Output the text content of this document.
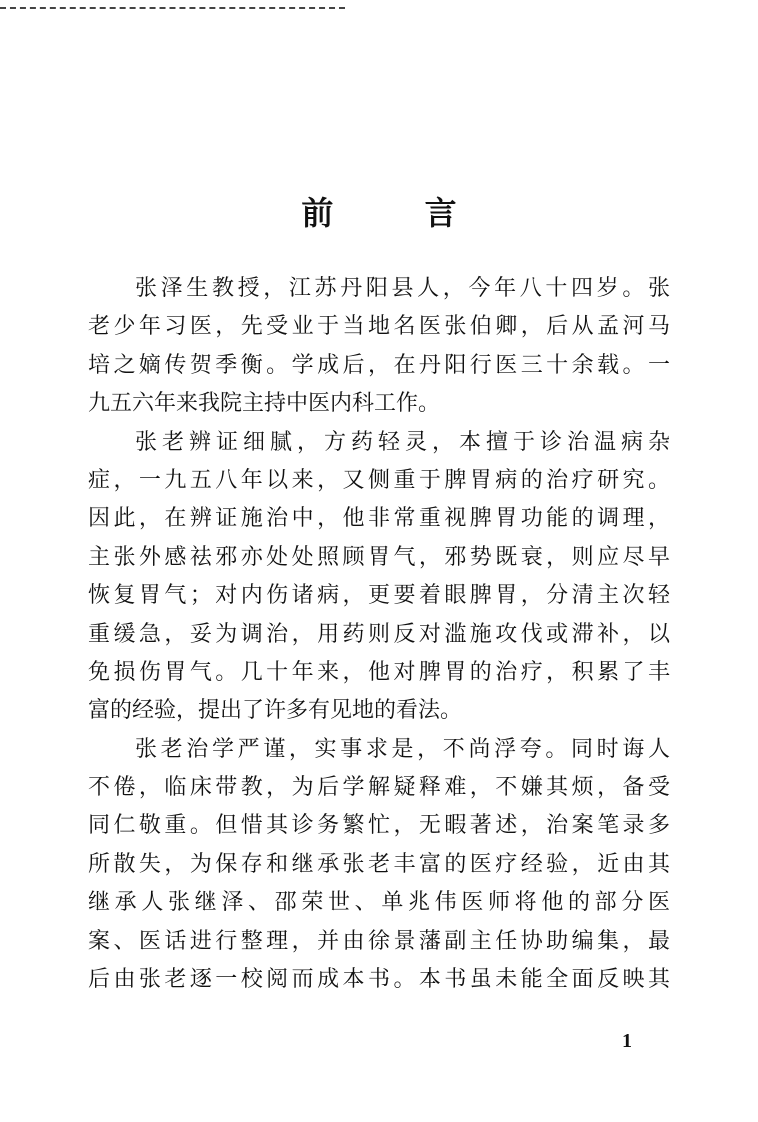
前 言
张泽生教授，江苏丹阳县人，今年八十四岁。张
老少年习医，先受业于当地名医张伯卿，后从孟河马
培之嫡传贺季衡。学成后，在丹阳行医三十余载。一
九五六年来我院主持中医内科工作。
张老辨证细腻，方药轻灵，本擅于诊治温病杂
症，一九五八年以来，又侧重于脾胃病的治疗研究。
因此，在辨证施治中，他非常重视脾胃功能的调理，
主张外感祛邪亦处处照顾胃气，邪势既衰，则应尽早
恢复胃气；对内伤诸病，更要着眼脾胃，分清主次轻
重缓急，妥为调治，用药则反对滥施攻伐或滞补，以
免损伤胃气。几十年来，他对脾胃的治疗，积累了丰
富的经验，提出了许多有见地的看法。
张老治学严谨，实事求是，不尚浮夸。同时诲人
不倦，临床带教，为后学解疑释难，不嫌其烦，备受
同仁敬重。但惜其诊务繁忙，无暇著述，治案笔录多
所散失，为保存和继承张老丰富的医疗经验，近由其
继承人张继泽、邵荣世、单兆伟医师将他的部分医
案、医话进行整理，并由徐景藩副主任协助编集，最
后由张老逐一校阅而成本书。本书虽未能全面反映其
1
